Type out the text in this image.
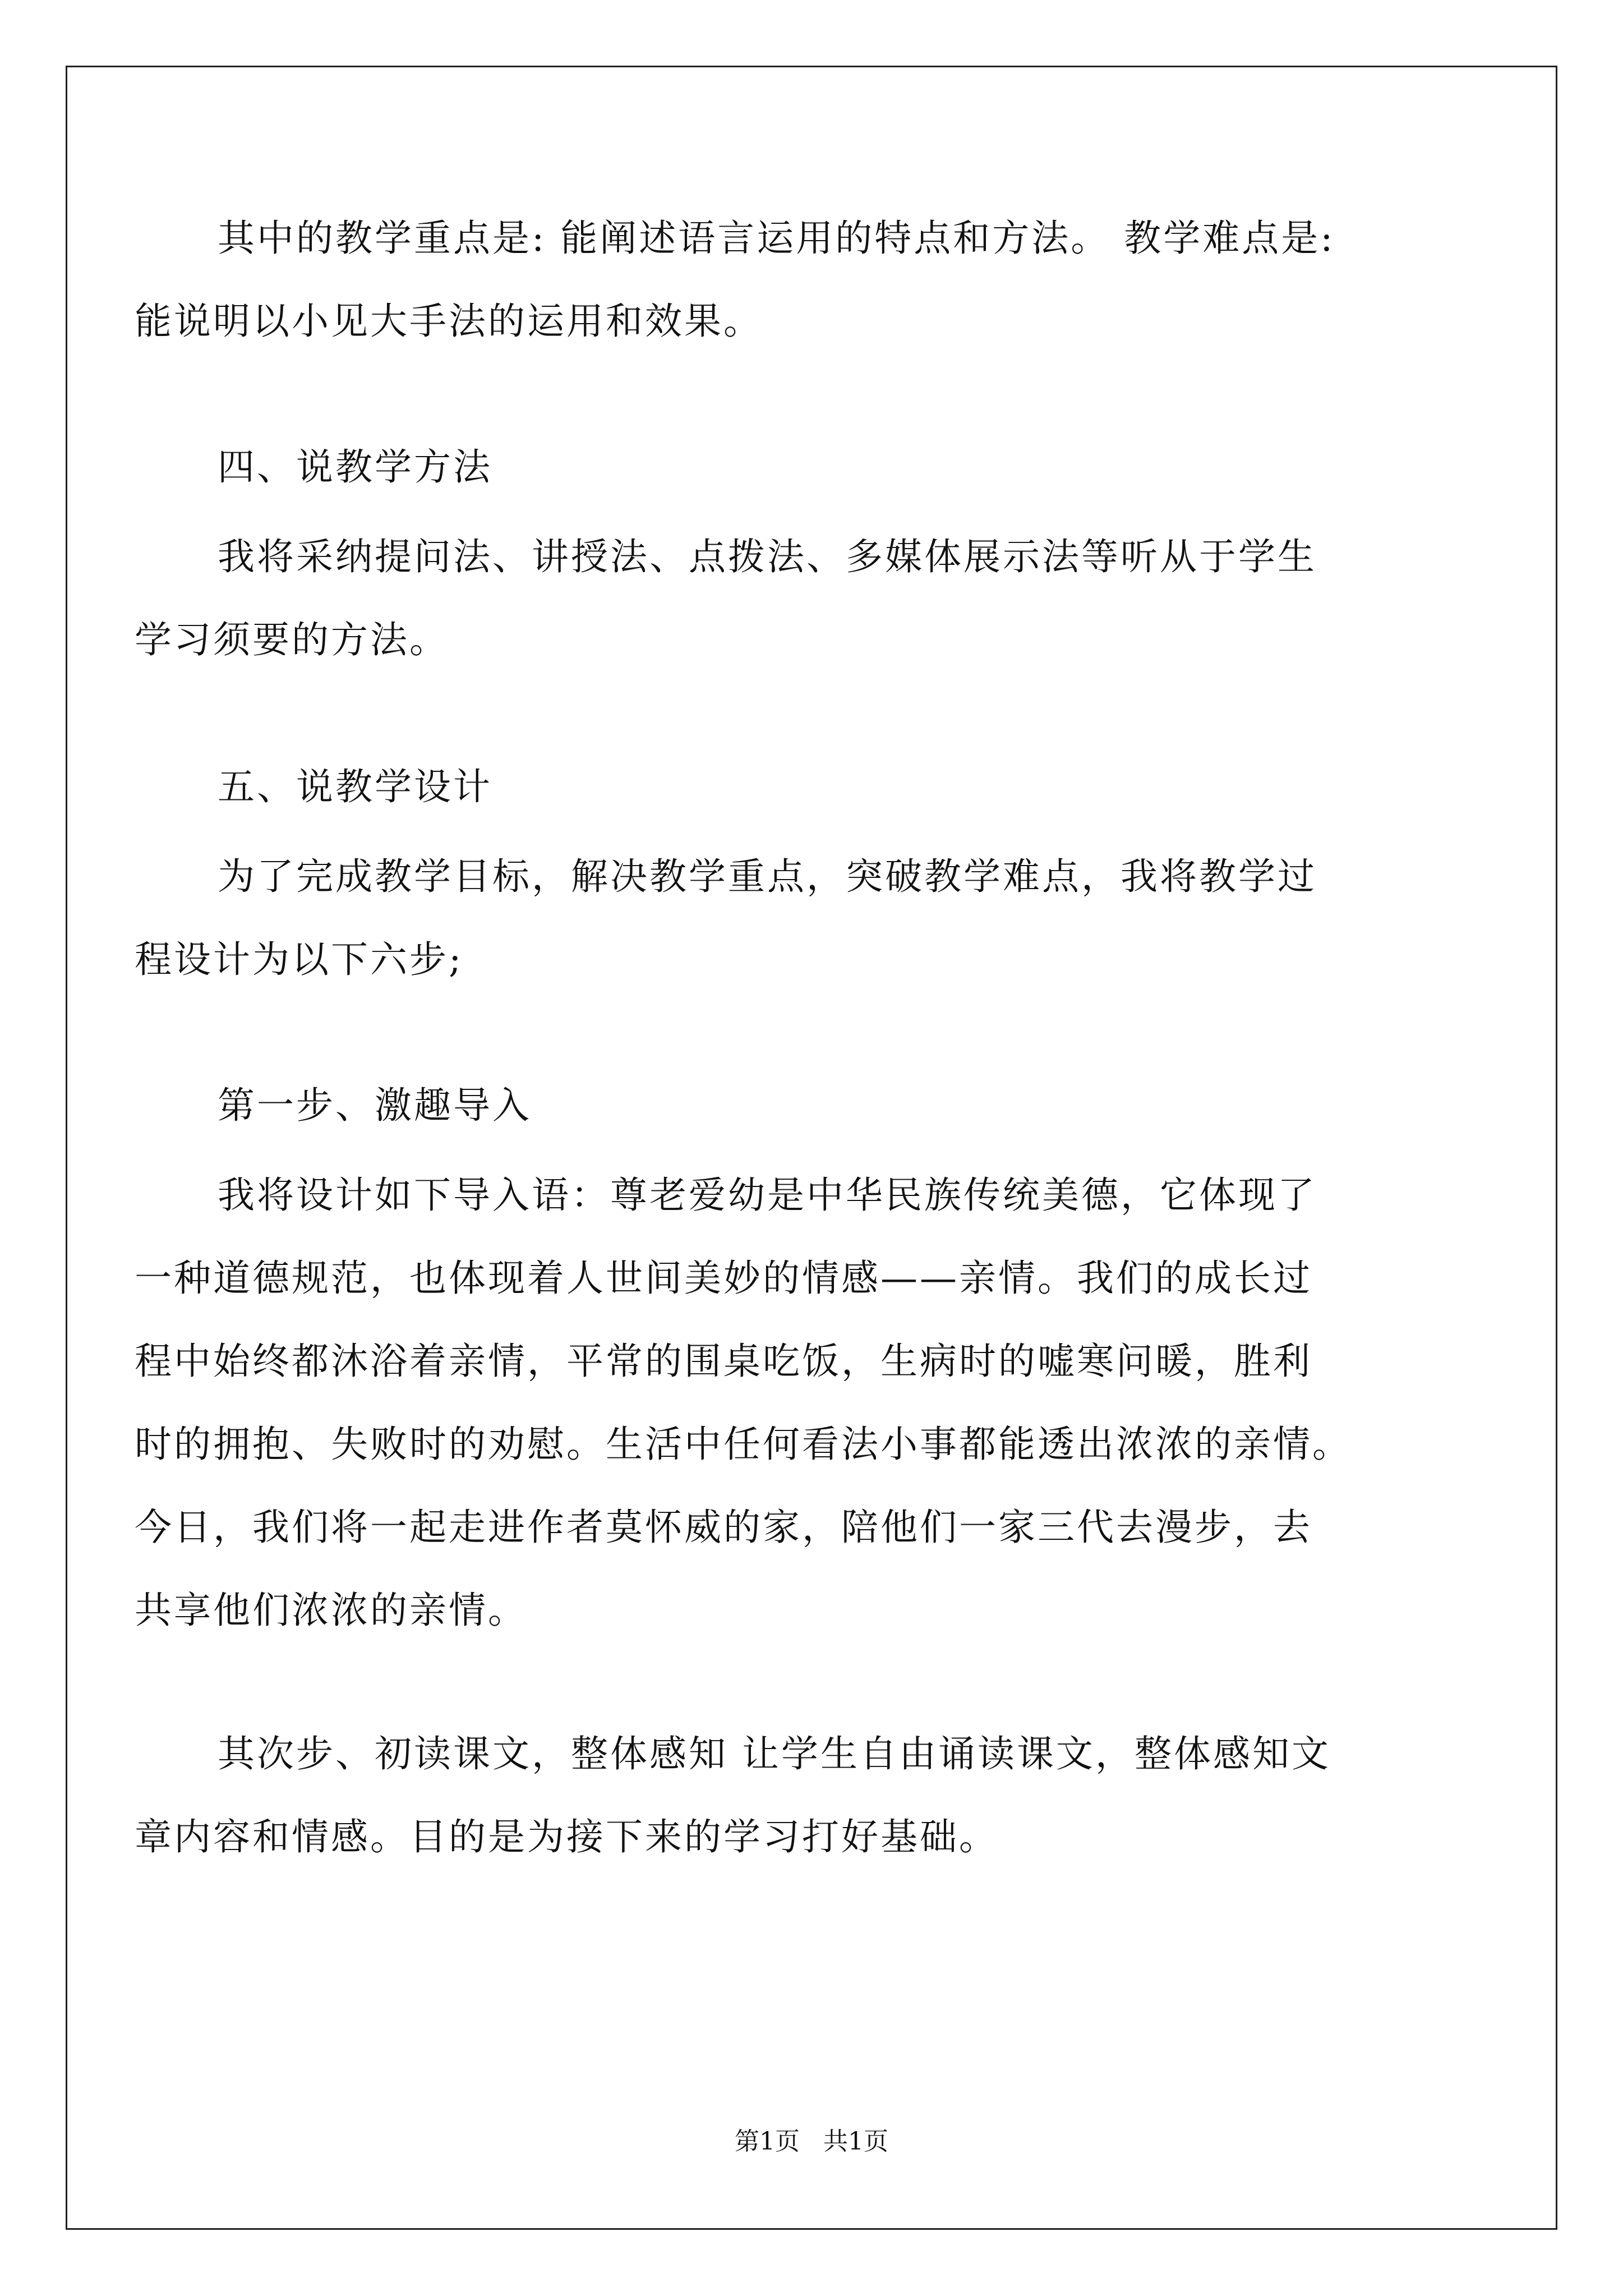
其中的教学重点是: 能阐述语言运用的特点和方法。 教学难点是:
能说明以小见大手法的运用和效果。
四、说教学方法
我将采纳提问法、讲授法、点拨法、多媒体展示法等听从于学生
学习须要的方法。
五、说教学设计
为了完成教学目标，解决教学重点，突破教学难点，我将教学过
程设计为以下六步;
第一步、激趣导入
我将设计如下导入语：尊老爱幼是中华民族传统美德，它体现了
一种道德规范，也体现着人世间美妙的情感——亲情。我们的成长过
程中始终都沐浴着亲情，平常的围桌吃饭，生病时的嘘寒问暖，胜利
时的拥抱、失败时的劝慰。生活中任何看法小事都能透出浓浓的亲情。
今日，我们将一起走进作者莫怀威的家，陪他们一家三代去漫步，去
共享他们浓浓的亲情。
其次步、初读课文，整体感知 让学生自由诵读课文，整体感知文
章内容和情感。目的是为接下来的学习打好基础。
第1页   共1页
